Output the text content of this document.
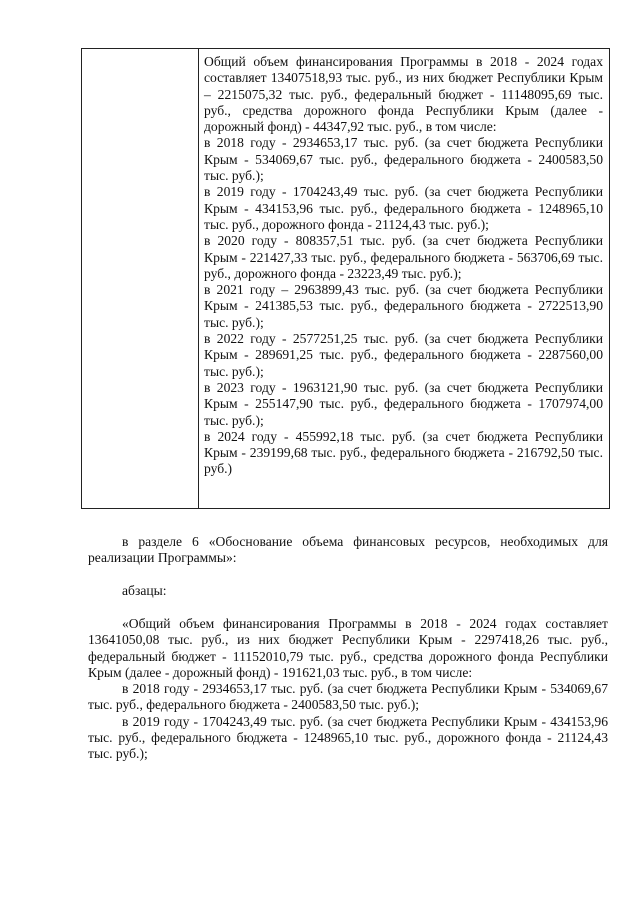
Общий объем финансирования Программы в 2018 - 2024 годах составляет 13407518,93 тыс. руб., из них бюджет Республики Крым – 2215075,32 тыс. руб., федеральный бюджет - 11148095,69 тыс. руб., средства дорожного фонда Республики Крым (далее - дорожный фонд) - 44347,92 тыс. руб., в том числе:

в 2018 году - 2934653,17 тыс. руб. (за счет бюджета Республики Крым - 534069,67 тыс. руб., федерального бюджета - 2400583,50 тыс. руб.);

в 2019 году - 1704243,49 тыс. руб. (за счет бюджета Республики Крым - 434153,96 тыс. руб., федерального бюджета - 1248965,10 тыс. руб., дорожного фонда - 21124,43 тыс. руб.);

в 2020 году - 808357,51 тыс. руб. (за счет бюджета Республики Крым - 221427,33 тыс. руб., федерального бюджета - 563706,69 тыс. руб., дорожного фонда - 23223,49 тыс. руб.);

в 2021 году – 2963899,43 тыс. руб. (за счет бюджета Республики Крым - 241385,53 тыс. руб., федерального бюджета - 2722513,90 тыс. руб.);

в 2022 году - 2577251,25 тыс. руб. (за счет бюджета Республики Крым - 289691,25 тыс. руб., федерального бюджета - 2287560,00 тыс. руб.);

в 2023 году - 1963121,90 тыс. руб. (за счет бюджета Республики Крым - 255147,90 тыс. руб., федерального бюджета - 1707974,00 тыс. руб.);

в 2024 году - 455992,18 тыс. руб. (за счет бюджета Республики Крым - 239199,68 тыс. руб., федерального бюджета - 216792,50 тыс. руб.)

в разделе 6 «Обоснование объема финансовых ресурсов, необходимых для реализации Программы»:

абзацы:

«Общий объем финансирования Программы в 2018 - 2024 годах составляет 13641050,08 тыс. руб., из них бюджет Республики Крым - 2297418,26 тыс. руб., федеральный бюджет - 11152010,79 тыс. руб., средства дорожного фонда Республики Крым (далее - дорожный фонд) - 191621,03 тыс. руб., в том числе:

в 2018 году - 2934653,17 тыс. руб. (за счет бюджета Республики Крым - 534069,67 тыс. руб., федерального бюджета - 2400583,50 тыс. руб.);

в 2019 году - 1704243,49 тыс. руб. (за счет бюджета Республики Крым - 434153,96 тыс. руб., федерального бюджета - 1248965,10 тыс. руб., дорожного фонда - 21124,43 тыс. руб.);
